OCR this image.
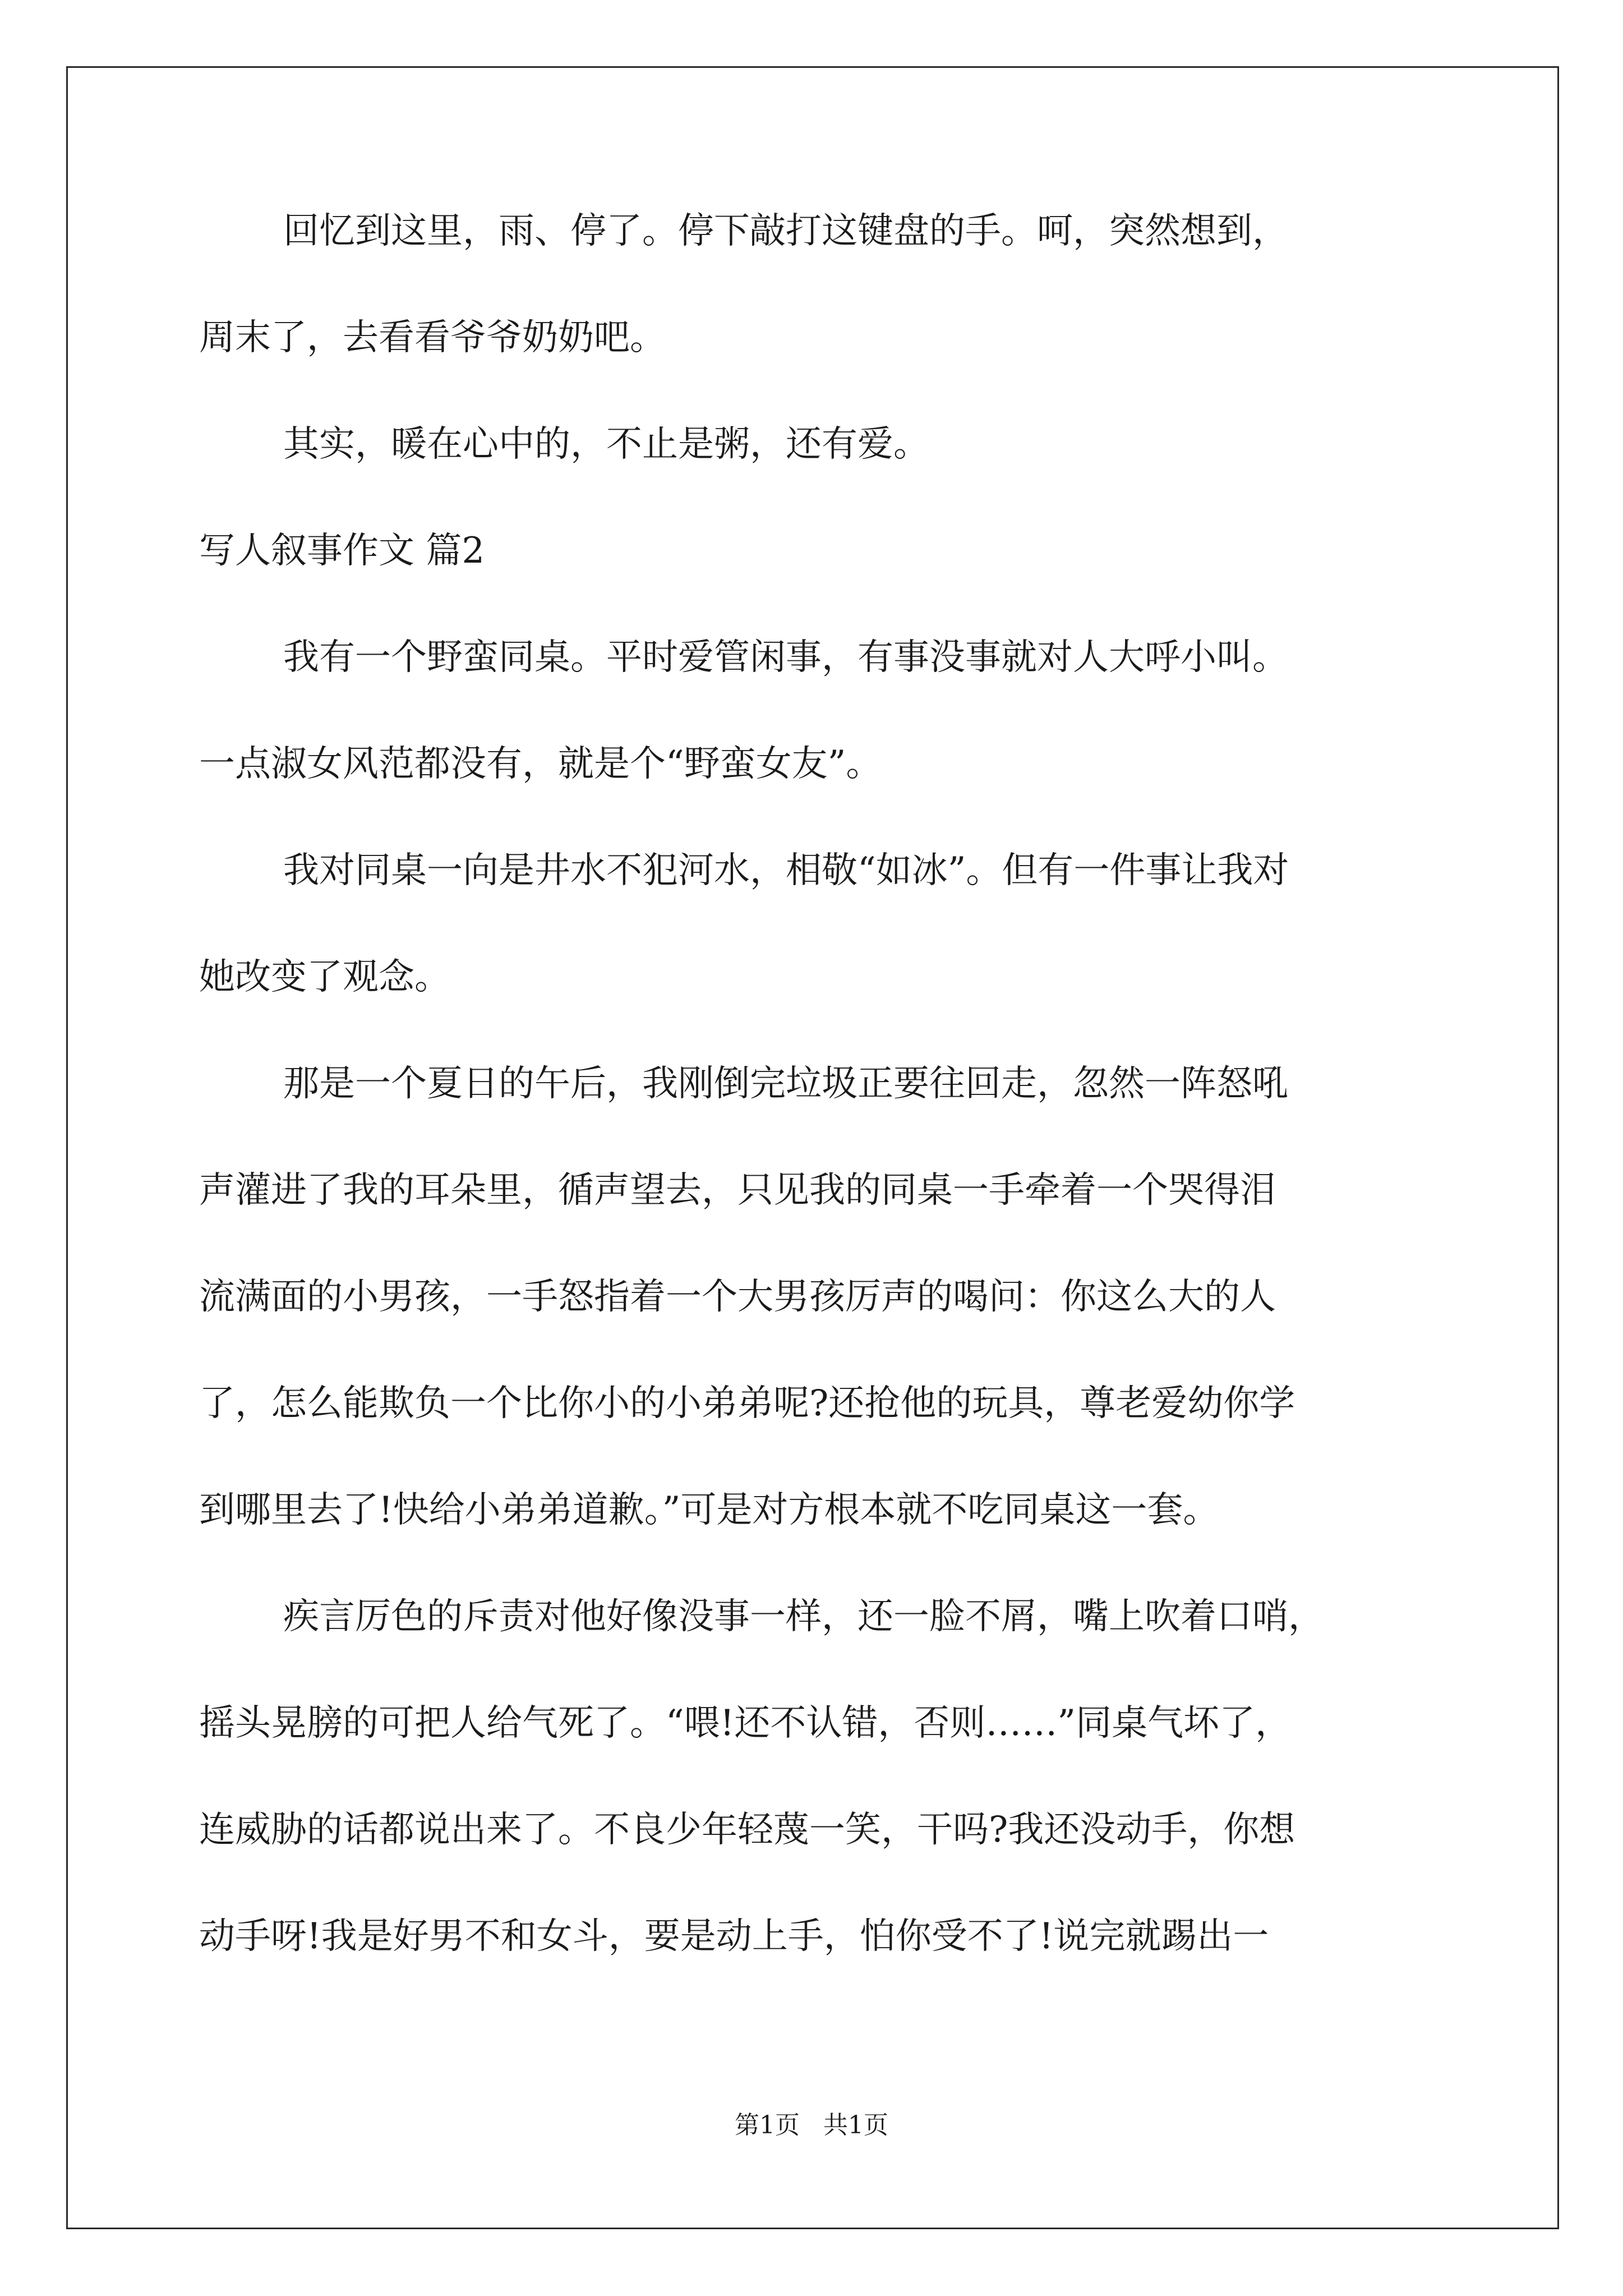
回忆到这里，雨、停了。停下敲打这键盘的手。呵，突然想到，

周末了，去看看爷爷奶奶吧。

其实，暖在心中的，不止是粥，还有爱。

写人叙事作文 篇2

我有一个野蛮同桌。平时爱管闲事，有事没事就对人大呼小叫。

一点淑女风范都没有，就是个“野蛮女友”。

我对同桌一向是井水不犯河水，相敬“如冰”。但有一件事让我对

她改变了观念。

那是一个夏日的午后，我刚倒完垃圾正要往回走，忽然一阵怒吼

声灌进了我的耳朵里，循声望去，只见我的同桌一手牵着一个哭得泪

流满面的小男孩，一手怒指着一个大男孩厉声的喝问：你这么大的人

了，怎么能欺负一个比你小的小弟弟呢?还抢他的玩具，尊老爱幼你学

到哪里去了!快给小弟弟道歉。”可是对方根本就不吃同桌这一套。

疾言厉色的斥责对他好像没事一样，还一脸不屑，嘴上吹着口哨，

摇头晃膀的可把人给气死了。“喂!还不认错，否则……”同桌气坏了，

连威胁的话都说出来了。不良少年轻蔑一笑，干吗?我还没动手，你想

动手呀!我是好男不和女斗，要是动上手，怕你受不了!说完就踢出一

第1页 共1页
